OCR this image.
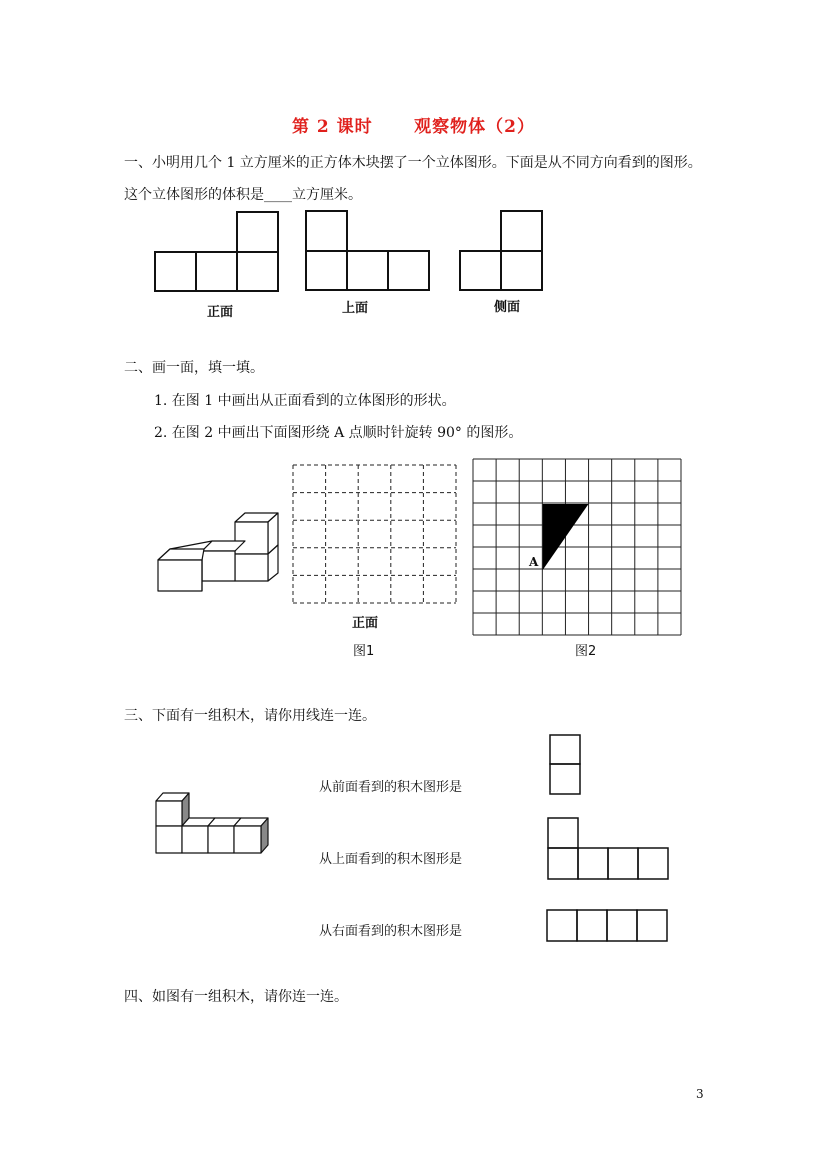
第 2 课时      观察物体（2）
一、小明用几个 1 立方厘米的正方体木块摆了一个立体图形。下面是从不同方向看到的图形。
这个立体图形的体积是____立方厘米。
正面	上面	侧面
二、画一面，填一填。
1. 在图 1 中画出从正面看到的立体图形的形状。
2. 在图 2 中画出下面图形绕 A 点顺时针旋转 90° 的图形。
正面
图1
A
图2
三、下面有一组积木，请你用线连一连。
从前面看到的积木图形是
从上面看到的积木图形是
从右面看到的积木图形是
四、如图有一组积木，请你连一连。
3
